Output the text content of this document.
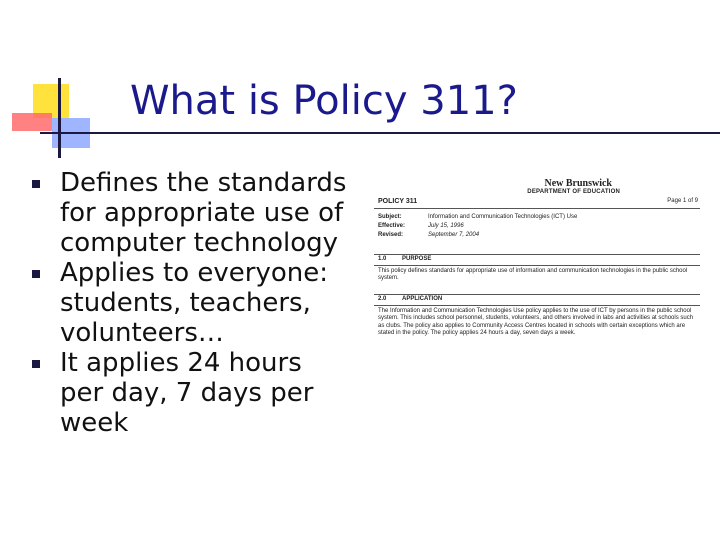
What is Policy 311?
Defines the standards for appropriate use of computer technology
Applies to everyone: students, teachers, volunteers…
It applies 24 hours per day, 7 days per week
New Brunswick
DEPARTMENT OF EDUCATION
POLICY 311	Page 1 of 9
Subject:	Information and Communication Technologies (ICT) Use
Effective:	July 15, 1996
Revised:	September 7, 2004
1.0	PURPOSE
This policy defines standards for appropriate use of information and communication technologies in the public school system.
2.0	APPLICATION
The Information and Communication Technologies Use policy applies to the use of ICT by persons in the public school system. This includes school personnel, students, volunteers, and others involved in labs and activities at schools such as clubs. The policy also applies to Community Access Centres located in schools with certain exceptions which are stated in the policy. The policy applies 24 hours a day, seven days a week.
